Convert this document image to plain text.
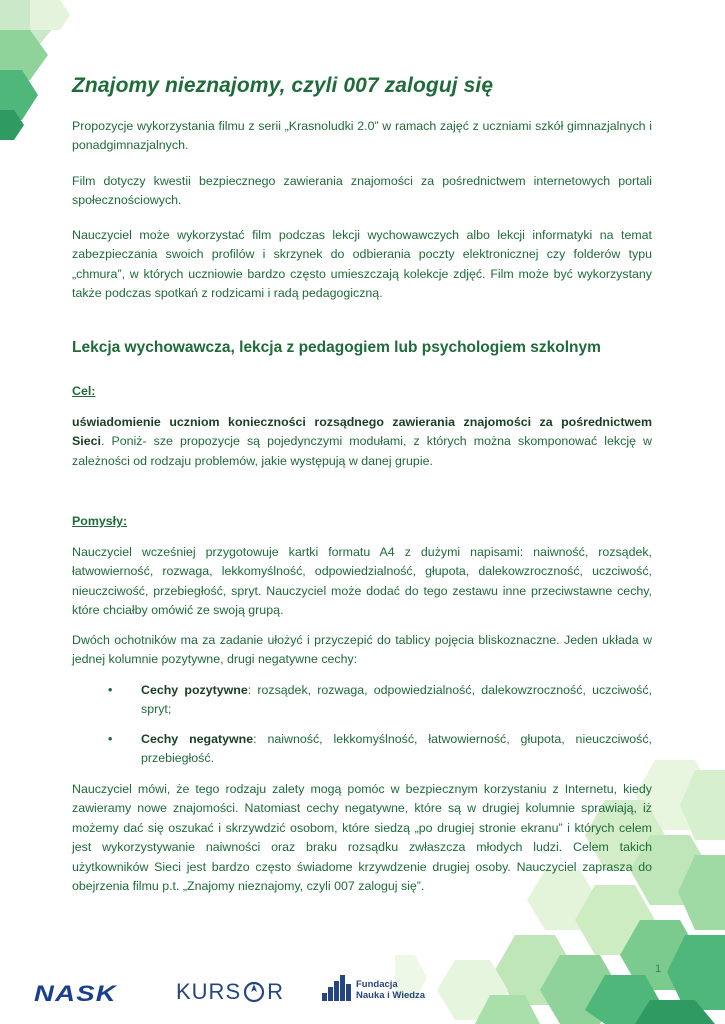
Znajomy nieznajomy, czyli 007 zaloguj się

Propozycje wykorzystania filmu z serii „Krasnoludki 2.0” w ramach zajęć z uczniami szkół gimnazjalnych i ponadgimnazjalnych.

Film dotyczy kwestii bezpiecznego zawierania znajomości za pośrednictwem internetowych portali społecznościowych.

Nauczyciel może wykorzystać film podczas lekcji wychowawczych albo lekcji informatyki na temat zabezpieczania swoich profilów i skrzynek do odbierania poczty elektronicznej czy folderów typu „chmura”, w których uczniowie bardzo często umieszczają kolekcje zdjęć. Film może być wykorzystany także podczas spotkań z rodzicami i radą pedagogiczną.

Lekcja wychowawcza, lekcja z pedagogiem lub psychologiem szkolnym

Cel:

uświadomienie uczniom konieczności rozsądnego zawierania znajomości za pośrednictwem Sieci. Poniż- sze propozycje są pojedynczymi modułami, z których można skomponować lekcję w zależności od rodzaju problemów, jakie występują w danej grupie.

Pomysły:

Nauczyciel wcześniej przygotowuje kartki formatu A4 z dużymi napisami: naiwność, rozsądek, łatwowierność, rozwaga, lekkomyślność, odpowiedzialność, głupota, dalekowzroczność, uczciwość, nieuczciwość, przebiegłość, spryt. Nauczyciel może dodać do tego zestawu inne przeciwstawne cechy, które chciałby omówić ze swoją grupą.

Dwóch ochotników ma za zadanie ułożyć i przyczepić do tablicy pojęcia bliskoznaczne. Jeden układa w jednej kolumnie pozytywne, drugi negatywne cechy:

•	Cechy pozytywne: rozsądek, rozwaga, odpowiedzialność, dalekowzroczność, uczciwość, spryt;
•	Cechy negatywne: naiwność, lekkomyślność, łatwowierność, głupota, nieuczciwość, przebiegłość.

Nauczyciel mówi, że tego rodzaju zalety mogą pomóc w bezpiecznym korzystaniu z Internetu, kiedy zawieramy nowe znajomości. Natomiast cechy negatywne, które są w drugiej kolumnie sprawiają, iż możemy dać się oszukać i skrzywdzić osobom, które siedzą „po drugiej stronie ekranu” i których celem jest wykorzystywanie naiwności oraz braku rozsądku zwłaszcza młodych ludzi. Celem takich użytkowników Sieci jest bardzo często świadome krzywdzenie drugiej osoby. Nauczyciel zaprasza do obejrzenia filmu p.t. „Znajomy nieznajomy, czyli 007 zaloguj się”.

1
NASK	KURS R	Fundacja
Nauka i Wiedza
